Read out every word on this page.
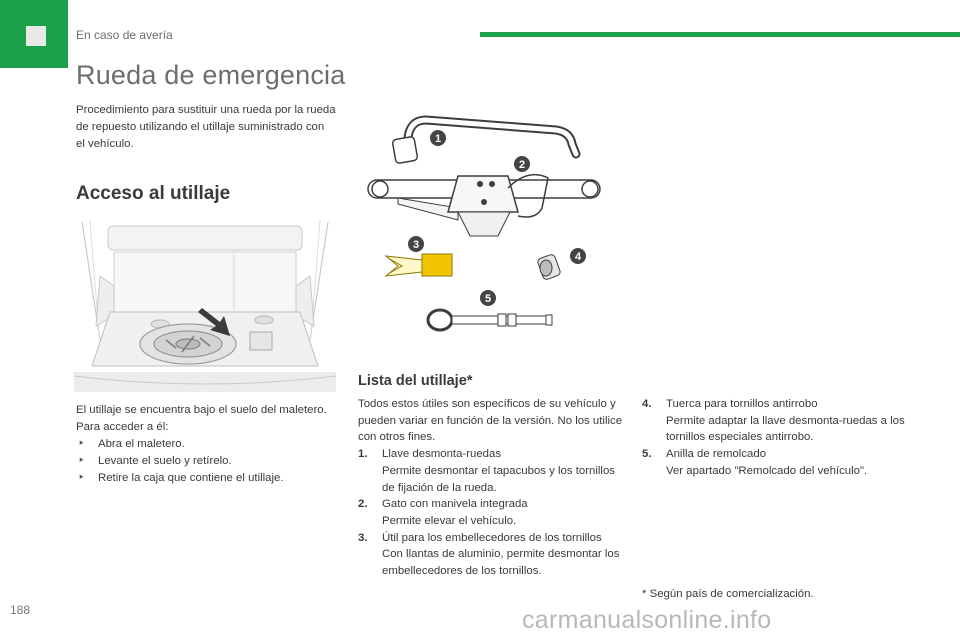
En caso de avería
Rueda de emergencia
Procedimiento para sustituir una rueda por la rueda de repuesto utilizando el utillaje suministrado con el vehículo.
Acceso al utillaje
El utillaje se encuentra bajo el suelo del maletero.
Para acceder a él:
‣ Abra el maletero.
‣ Levante el suelo y retírelo.
‣ Retire la caja que contiene el utillaje.
1
2
3
4
5
Lista del utillaje*
Todos estos útiles son específicos de su vehículo y pueden variar en función de la versión. No los utilice con otros fines.
1. Llave desmonta-ruedas
Permite desmontar el tapacubos y los tornillos de fijación de la rueda.
2. Gato con manivela integrada
Permite elevar el vehículo.
3. Útil para los embellecedores de los tornillos
Con llantas de aluminio, permite desmontar los embellecedores de los tornillos.
4. Tuerca para tornillos antirrobo
Permite adaptar la llave desmonta-ruedas a los tornillos especiales antirrobo.
5. Anilla de remolcado
Ver apartado "Remolcado del vehículo".
* Según país de comercialización.
188	carmanualsonline.info
